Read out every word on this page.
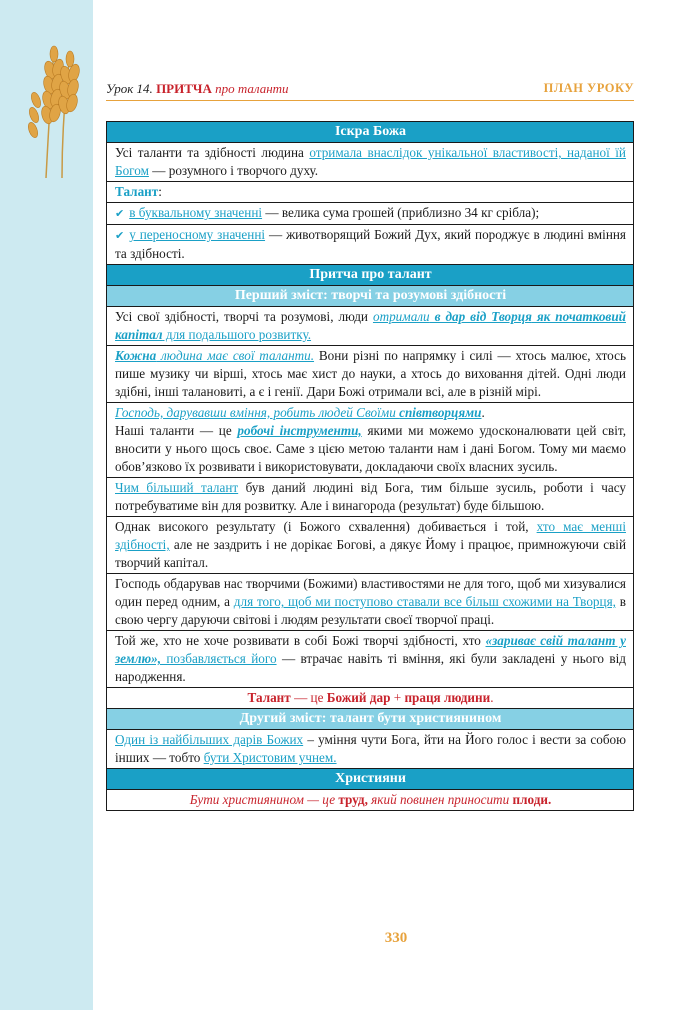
Урок 14. ПРИТЧА про таланти	ПЛАН УРОКУ
Іскра Божа
Усі таланти та здібності людина отримала внаслідок унікальної властивості, наданої їй Богом — розумного і творчого духу.
Талант:
✔ в буквальному значенні — велика сума грошей (приблизно 34 кг срібла);
✔ у переносному значенні — животворящий Божий Дух, який породжує в людині вміння та здібності.
Притча про талант
Перший зміст: творчі та розумові здібності
Усі свої здібності, творчі та розумові, люди отримали в дар від Творця як початковий капітал для подальшого розвитку.
Кожна людина має свої таланти. Вони різні по напрямку і силі — хтось малює, хтось пише музику чи вірші, хтось має хист до науки, а хтось до виховання дітей. Одні люди здібні, інші талановиті, а є і генії. Дари Божі отримали всі, але в різній мірі.
Господь, дарувавши вміння, робить людей Своїми співтворцями.
Наші таланти — це робочі інструменти, якими ми можемо удосконалювати цей світ, вносити у нього щось своє. Саме з цією метою таланти нам і дані Богом. Тому ми маємо обов’язково їх розвивати і використовувати, докладаючи своїх власних зусиль.
Чим більший талант був даний людині від Бога, тим більше зусиль, роботи і часу потребуватиме він для розвитку. Але і винагорода (результат) буде більшою.
Однак високого результату (і Божого схвалення) добивається і той, хто має менші здібності, але не заздрить і не дорікає Богові, а дякує Йому і працює, примножуючи свій творчий капітал.
Господь обдарував нас творчими (Божими) властивостями не для того, щоб ми хизувалися один перед одним, а для того, щоб ми поступово ставали все більш схожими на Творця, в свою чергу даруючи світові і людям результати своєї творчої праці.
Той же, хто не хоче розвивати в собі Божі творчі здібності, хто «зариває свій талант у землю», позбавляється його — втрачає навіть ті вміння, які були закладені у нього від народження.
Талант — це Божий дар + праця людини.
Другий зміст: талант бути християнином
Один із найбільших дарів Божих – уміння чути Бога, йти на Його голос і вести за собою інших — тобто бути Христовим учнем.
Християни
Бути християнином — це труд, який повинен приносити плоди.
330
